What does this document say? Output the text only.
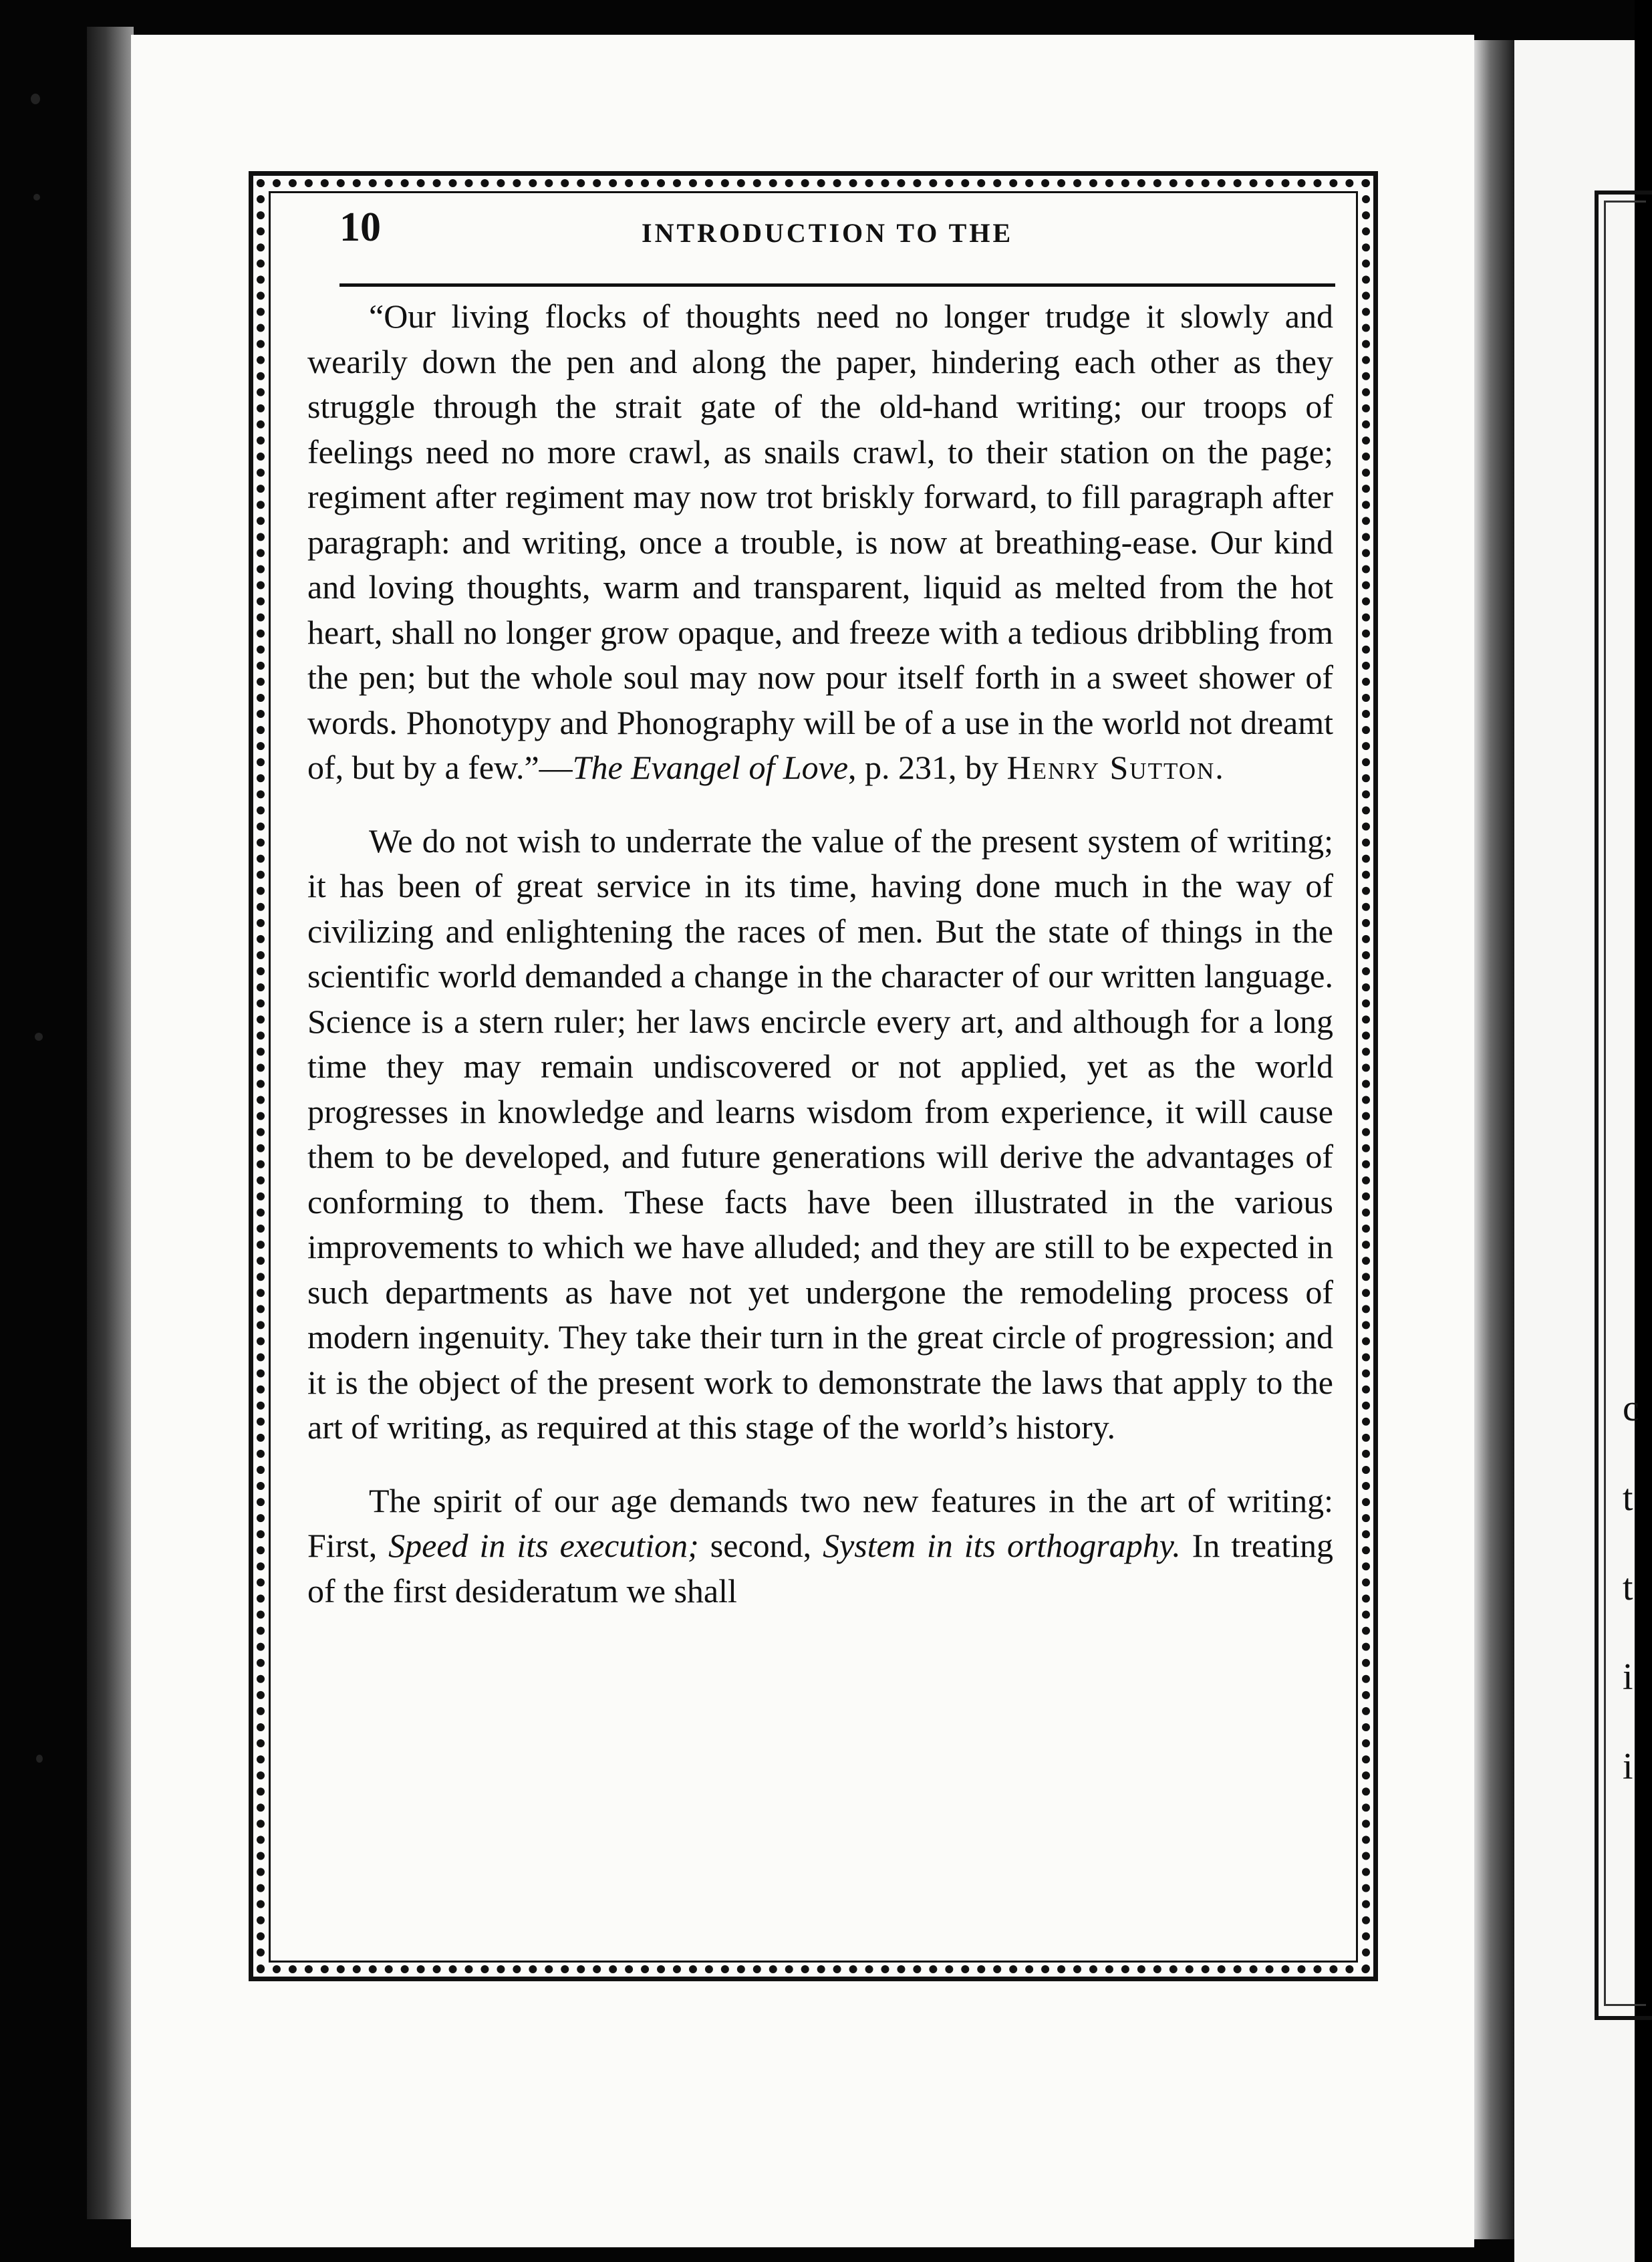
c
t
t
i
i
10	INTRODUCTION TO THE

“Our living flocks of thoughts need no longer trudge it slowly and wearily down the pen and along the paper, hindering each other as they struggle through the strait gate of the old-hand writing; our troops of feelings need no more crawl, as snails crawl, to their station on the page; regiment after regiment may now trot briskly forward, to fill paragraph after paragraph: and writing, once a trouble, is now at breathing-ease. Our kind and loving thoughts, warm and transparent, liquid as melted from the hot heart, shall no longer grow opaque, and freeze with a tedious dribbling from the pen; but the whole soul may now pour itself forth in a sweet shower of words. Phonotypy and Phonography will be of a use in the world not dreamt of, but by a few.”—The Evangel of Love, p. 231, by Henry Sutton.

We do not wish to underrate the value of the present system of writing; it has been of great service in its time, having done much in the way of civilizing and enlightening the races of men. But the state of things in the scientific world demanded a change in the character of our written language. Science is a stern ruler; her laws encircle every art, and although for a long time they may remain undiscovered or not applied, yet as the world progresses in knowledge and learns wisdom from experience, it will cause them to be developed, and future generations will derive the advantages of conforming to them. These facts have been illustrated in the various improvements to which we have alluded; and they are still to be expected in such departments as have not yet undergone the remodeling process of modern ingenuity. They take their turn in the great circle of progression; and it is the object of the present work to demonstrate the laws that apply to the art of writing, as required at this stage of the world’s history.

The spirit of our age demands two new features in the art of writing: First, Speed in its execution; second, System in its orthography. In treating of the first desideratum we shall
